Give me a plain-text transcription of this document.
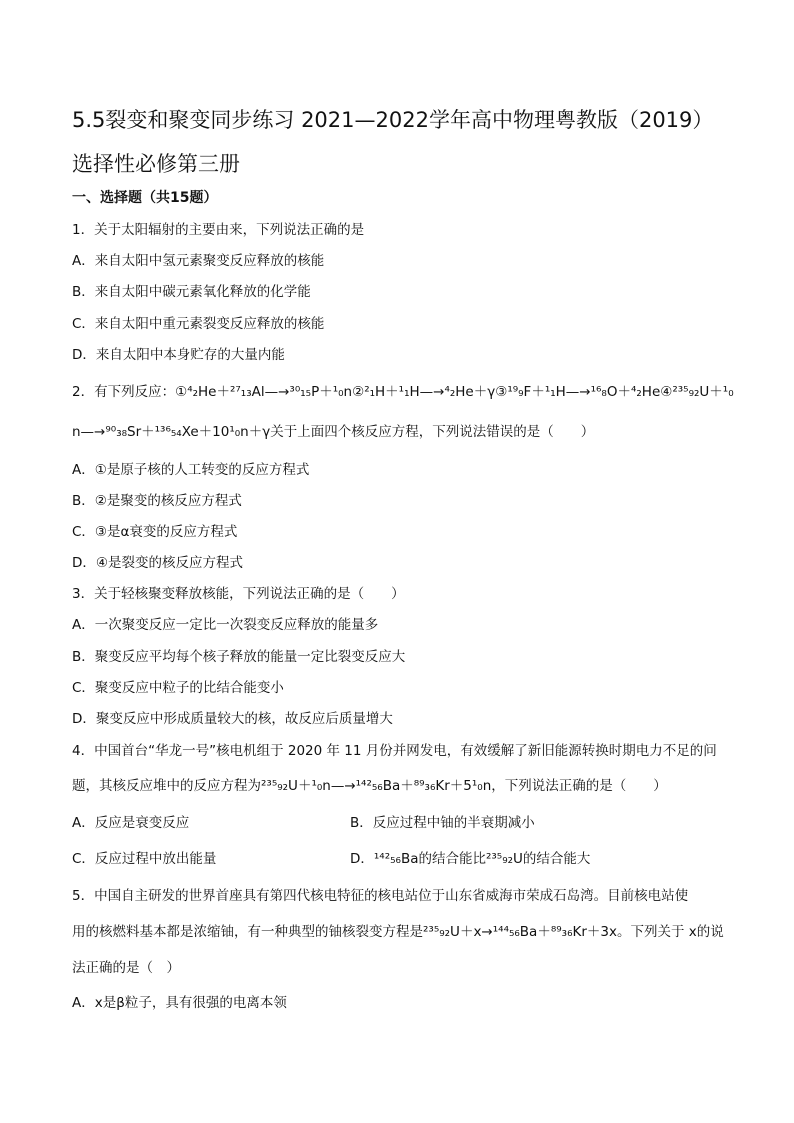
5.5裂变和聚变同步练习 2021—2022学年高中物理粤教版（2019）选择性必修第三册
一、选择题（共15题）
1．关于太阳辐射的主要由来，下列说法正确的是
A．来自太阳中氢元素聚变反应释放的核能
B．来自太阳中碳元素氧化释放的化学能
C．来自太阳中重元素裂变反应释放的核能
D．来自太阳中本身贮存的大量内能
2．有下列反应：①⁴₂He＋²⁷₁₃Al—→³⁰₁₅P＋¹₀n②²₁H＋¹₁H—→⁴₂He＋γ③¹⁹₉F＋¹₁H—→¹⁶₈O＋⁴₂He④²³⁵₉₂U＋¹₀
n—→⁹⁰₃₈Sr＋¹³⁶₅₄Xe＋10¹₀n＋γ关于上面四个核反应方程，下列说法错误的是（　　）
A．①是原子核的人工转变的反应方程式
B．②是聚变的核反应方程式
C．③是α衰变的反应方程式
D．④是裂变的核反应方程式
3．关于轻核聚变释放核能，下列说法正确的是（　　）
A．一次聚变反应一定比一次裂变反应释放的能量多
B．聚变反应平均每个核子释放的能量一定比裂变反应大
C．聚变反应中粒子的比结合能变小
D．聚变反应中形成质量较大的核，故反应后质量增大
4．中国首台“华龙一号”核电机组于 2020 年 11 月份并网发电，有效缓解了新旧能源转换时期电力不足的问
题，其核反应堆中的反应方程为²³⁵₉₂U＋¹₀n—→¹⁴²₅₆Ba＋⁸⁹₃₆Kr＋5¹₀n，下列说法正确的是（　　）
A．反应是衰变反应	B．反应过程中铀的半衰期减小
C．反应过程中放出能量	D．¹⁴²₅₆Ba的结合能比²³⁵₉₂U的结合能大
5．中国自主研发的世界首座具有第四代核电特征的核电站位于山东省威海市荣成石岛湾。目前核电站使
用的核燃料基本都是浓缩铀，有一种典型的铀核裂变方程是²³⁵₉₂U＋x→¹⁴⁴₅₆Ba＋⁸⁹₃₆Kr＋3x。下列关于 x的说
法正确的是（　）
A．x是β粒子，具有很强的电离本领
